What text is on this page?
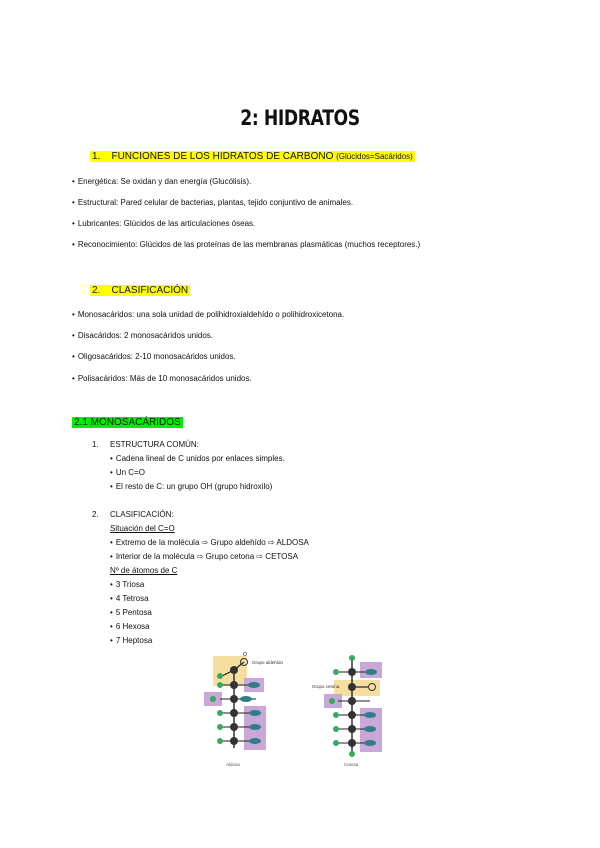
2: HIDRATOS
1. FUNCIONES DE LOS HIDRATOS DE CARBONO (Glúcidos=Sacáridos)
• Energética: Se oxidan y dan energía (Glucólisis).
• Estructural: Pared celular de bacterias, plantas, tejido conjuntivo de animales.
• Lubricantes: Glúcidos de las articulaciones óseas.
• Reconocimiento: Glúcidos de las proteínas de las membranas plasmáticas (muchos receptores.)
2. CLASIFICACIÓN
• Monosacáridos: una sola unidad de polihidroxialdehído o polihidroxicetona.
• Disacáridos: 2 monosacáridos unidos.
• Oligosacáridos: 2-10 monosacáridos unidos.
• Polisacáridos: Más de 10 monosacáridos unidos.
2.1 MONOSACÁRIDOS
1. ESTRUCTURA COMÚN:
• Cadena lineal de C unidos por enlaces simples.
• Un C=O
• El resto de C: un grupo OH (grupo hidroxilo)
2. CLASIFICACIÓN:
Situación del C=O
• Extremo de la molécula ⇨ Grupo aldehído ⇨ ALDOSA
• Interior de la molécula ⇨ Grupo cetona ⇨ CETOSA
Nº de átomos de C
• 3 Triosa
• 4 Tetrosa
• 5 Pentosa
• 6 Hexosa
• 7 Heptosa
O
Grupo aldehído
Aldosa
Grupo cetona
Cetosa
